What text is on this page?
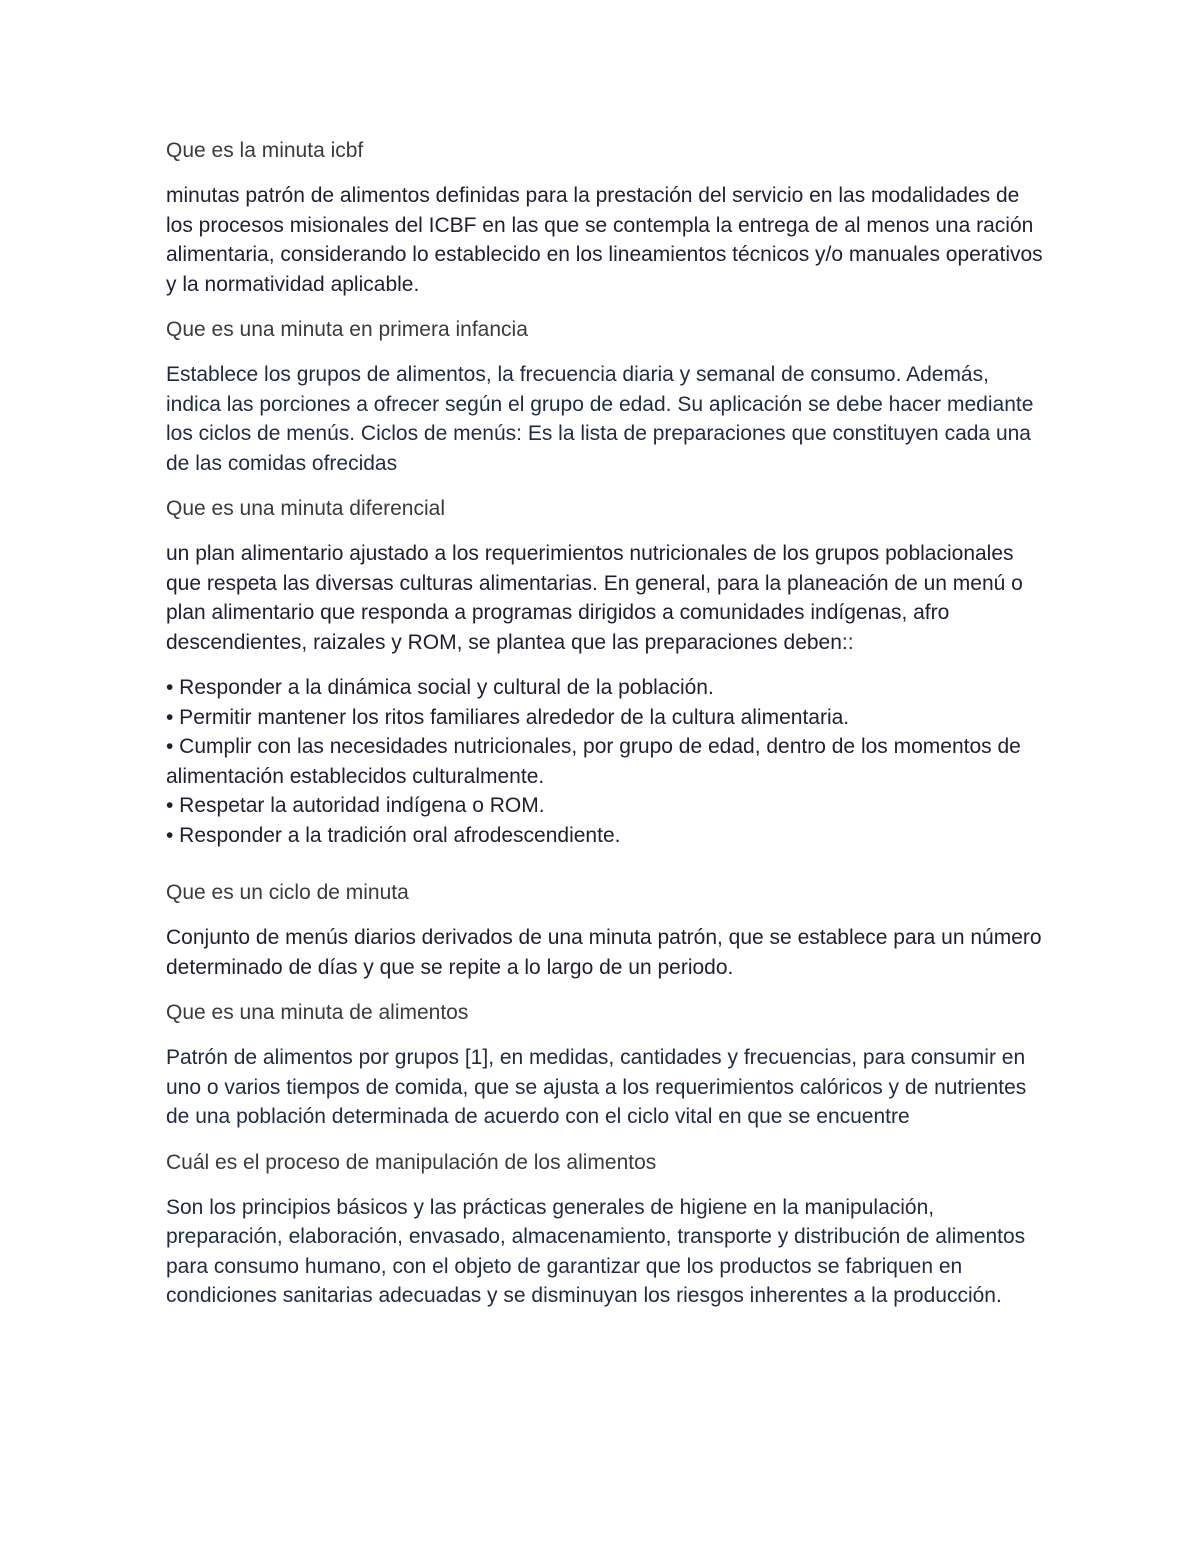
Que es la minuta icbf

minutas patrón de alimentos definidas para la prestación del servicio en las modalidades de los procesos misionales del ICBF en las que se contempla la entrega de al menos una ración alimentaria, considerando lo establecido en los lineamientos técnicos y/o manuales operativos y la normatividad aplicable.

Que es una minuta en primera infancia

Establece los grupos de alimentos, la frecuencia diaria y semanal de consumo. Además, indica las porciones a ofrecer según el grupo de edad. Su aplicación se debe hacer mediante los ciclos de menús. Ciclos de menús: Es la lista de preparaciones que constituyen cada una de las comidas ofrecidas

Que es una minuta diferencial

un plan alimentario ajustado a los requerimientos nutricionales de los grupos poblacionales que respeta las diversas culturas alimentarias. En general, para la planeación de un menú o plan alimentario que responda a programas dirigidos a comunidades indígenas, afro descendientes, raizales y ROM, se plantea que las preparaciones deben::

• Responder a la dinámica social y cultural de la población.
• Permitir mantener los ritos familiares alrededor de la cultura alimentaria.
• Cumplir con las necesidades nutricionales, por grupo de edad, dentro de los momentos de alimentación establecidos culturalmente.
• Respetar la autoridad indígena o ROM.
• Responder a la tradición oral afrodescendiente.

Que es un ciclo de minuta

Conjunto de menús diarios derivados de una minuta patrón, que se establece para un número determinado de días y que se repite a lo largo de un periodo.

Que es una minuta de alimentos

Patrón de alimentos por grupos [1], en medidas, cantidades y frecuencias, para consumir en uno o varios tiempos de comida, que se ajusta a los requerimientos calóricos y de nutrientes de una población determinada de acuerdo con el ciclo vital en que se encuentre

Cuál es el proceso de manipulación de los alimentos

Son los principios básicos y las prácticas generales de higiene en la manipulación, preparación, elaboración, envasado, almacenamiento, transporte y distribución de alimentos para consumo humano, con el objeto de garantizar que los productos se fabriquen en condiciones sanitarias adecuadas y se disminuyan los riesgos inherentes a la producción.
